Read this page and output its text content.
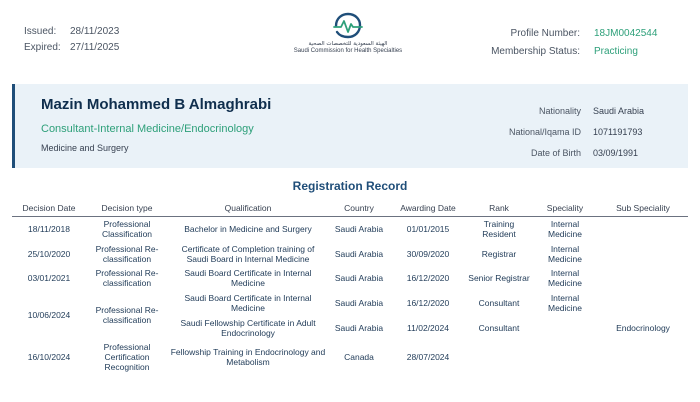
Issued:	28/11/2023
Expired: 27/11/2025	الهيئة السعودية للتخصصات الصحية
Saudi Commission for Health Specialties
Profile Number: 18JM0042544
Membership Status: Practicing
Mazin Mohammed B Almaghrabi
Consultant-Internal Medicine/Endocrinology
Medicine and Surgery
Nationality Saudi Arabia
National/Iqama ID 1071191793
Date of Birth 03/09/1991
Registration Record
Decision Date	Decision type	Qualification	Country	Awarding Date	Rank	Speciality	Sub Speciality
18/11/2018	Professional Classification	Bachelor in Medicine and Surgery	Saudi Arabia	01/01/2015	Training Resident	Internal Medicine	
25/10/2020	Professional Re-classification	Certificate of Completion training of Saudi Board in Internal Medicine	Saudi Arabia	30/09/2020	Registrar	Internal Medicine	
03/01/2021	Professional Re-classification	Saudi Board Certificate in Internal Medicine	Saudi Arabia	16/12/2020	Senior Registrar	Internal Medicine	
10/06/2024	Professional Re-classification	Saudi Board Certificate in Internal Medicine	Saudi Arabia	16/12/2020	Consultant	Internal Medicine	
		Saudi Fellowship Certificate in Adult Endocrinology	Saudi Arabia	11/02/2024	Consultant		Endocrinology
16/10/2024	Professional Certification Recognition	Fellowship Training in Endocrinology and Metabolism	Canada	28/07/2024			
